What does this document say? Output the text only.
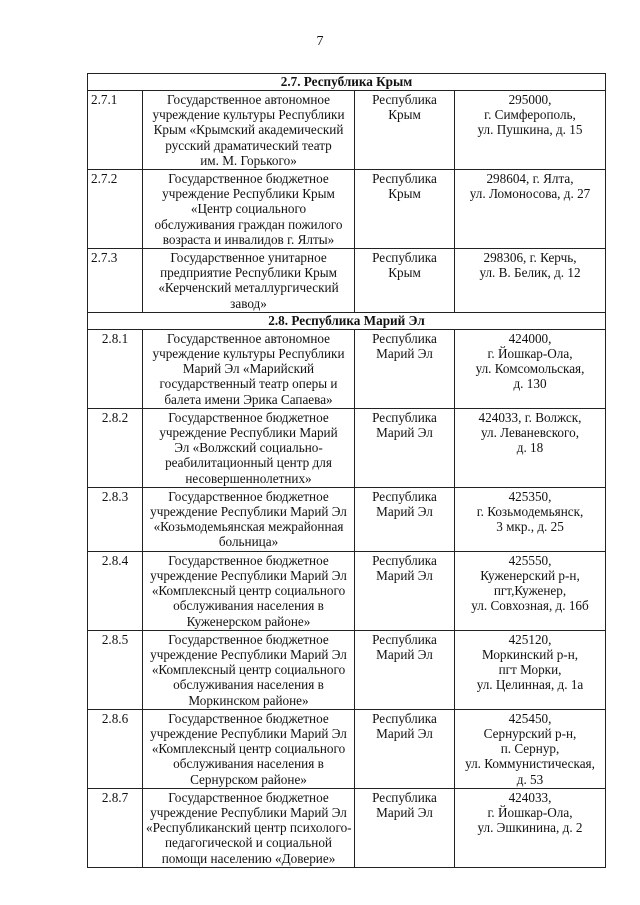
7
2.7. Республика Крым			
2.7.1	Государственное автономное
учреждение культуры Республики
Крым «Крымский академический
русский драматический театр
им. М. Горького»	Республика
Крым	295000,
г. Симферополь,
ул. Пушкина, д. 15

2.7.2	Государственное бюджетное
учреждение Республики Крым
«Центр социального
обслуживания граждан пожилого
возраста и инвалидов г. Ялты»	Республика
Крым	298604, г. Ялта,
ул. Ломоносова, д. 27

2.7.3	Государственное унитарное
предприятие Республики Крым
«Керченский металлургический
завод»	Республика
Крым	298306, г. Керчь,
ул. В. Белик, д. 12

2.8. Республика Марий Эл			
2.8.1	Государственное автономное
учреждение культуры Республики
Марий Эл «Марийский
государственный театр оперы и
балета имени Эрика Сапаева»	Республика
Марий Эл	424000,
г. Йошкар-Ола,
ул. Комсомольская,
д. 130

2.8.2	Государственное бюджетное
учреждение Республики Марий
Эл «Волжский социально-
реабилитационный центр для
несовершеннолетних»	Республика
Марий Эл	424033, г. Волжск,
ул. Леваневского,
д. 18

2.8.3	Государственное бюджетное
учреждение Республики Марий Эл
«Козьмодемьянская межрайонная
больница»	Республика
Марий Эл	425350,
г. Козьмодемьянск,
3 мкр., д. 25

2.8.4	Государственное бюджетное
учреждение Республики Марий Эл
«Комплексный центр социального
обслуживания населения в
Куженерском районе»	Республика
Марий Эл	425550,
Куженерский р-н,
пгт,Куженер,
ул. Совхозная, д. 16б

2.8.5	Государственное бюджетное
учреждение Республики Марий Эл
«Комплексный центр социального
обслуживания населения в
Моркинском районе»	Республика
Марий Эл	425120,
Моркинский р-н,
пгт Морки,
ул. Целинная, д. 1а

2.8.6	Государственное бюджетное
учреждение Республики Марий Эл
«Комплексный центр социального
обслуживания населения в
Сернурском районе»	Республика
Марий Эл	425450,
Сернурский р-н,
п. Сернур,
ул. Коммунистическая,
д. 53

2.8.7	Государственное бюджетное
учреждение Республики Марий Эл
«Республиканский центр психолого-
педагогической и социальной
помощи населению «Доверие»	Республика
Марий Эл	424033,
г. Йошкар-Ола,
ул. Эшкинина, д. 2
